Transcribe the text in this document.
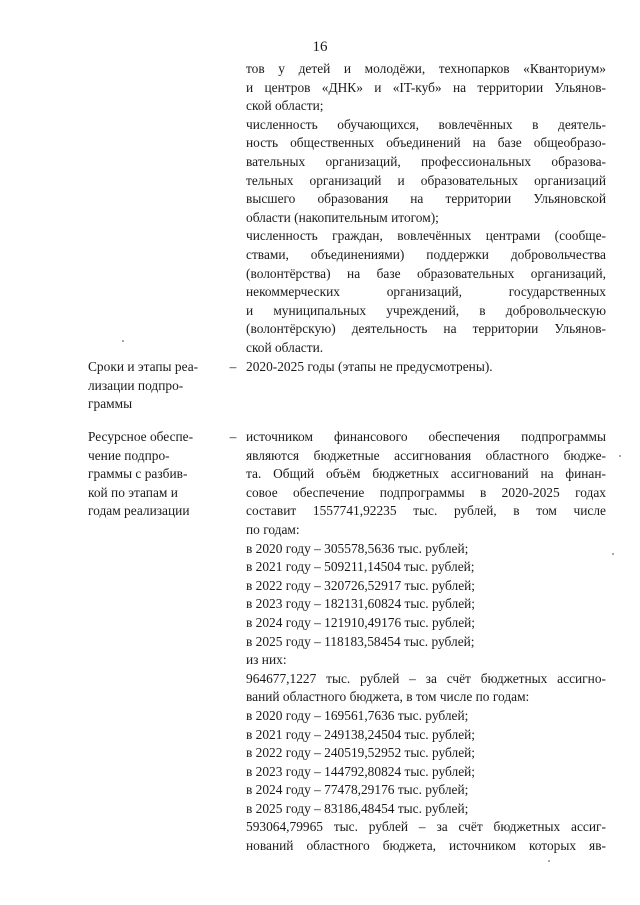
16
тов у детей и молодёжи, технопарков «Кванториум»
и центров «ДНК» и «IT-куб» на территории Ульянов-
ской области;
численность обучающихся, вовлечённых в деятель-
ность общественных объединений на базе общеобразо-
вательных организаций, профессиональных образова-
тельных организаций и образовательных организаций
высшего образования на территории Ульяновской
области (накопительным итогом);
численность граждан, вовлечённых центрами (сообще-
ствами, объединениями) поддержки добровольчества
(волонтёрства) на базе образовательных организаций,
некоммерческих организаций, государственных
и муниципальных учреждений, в добровольческую
(волонтёрскую) деятельность на территории Ульянов-
ской области.
Сроки и этапы реа-
лизации подпро-
граммы
– 2020-2025 годы (этапы не предусмотрены).
Ресурсное обеспе-
чение подпро-
граммы с разбив-
кой по этапам и
годам реализации
– источником финансового обеспечения подпрограммы
являются бюджетные ассигнования областного бюдже-
та. Общий объём бюджетных ассигнований на финан-
совое обеспечение подпрограммы в 2020-2025 годах
составит 1557741,92235 тыс. рублей, в том числе
по годам:
в 2020 году – 305578,5636 тыс. рублей;
в 2021 году – 509211,14504 тыс. рублей;
в 2022 году – 320726,52917 тыс. рублей;
в 2023 году – 182131,60824 тыс. рублей;
в 2024 году – 121910,49176 тыс. рублей;
в 2025 году – 118183,58454 тыс. рублей;
из них:
964677,1227 тыс. рублей – за счёт бюджетных ассигно-
ваний областного бюджета, в том числе по годам:
в 2020 году – 169561,7636 тыс. рублей;
в 2021 году – 249138,24504 тыс. рублей;
в 2022 году – 240519,52952 тыс. рублей;
в 2023 году – 144792,80824 тыс. рублей;
в 2024 году – 77478,29176 тыс. рублей;
в 2025 году – 83186,48454 тыс. рублей;
593064,79965 тыс. рублей – за счёт бюджетных ассиг-
нований областного бюджета, источником которых яв-
